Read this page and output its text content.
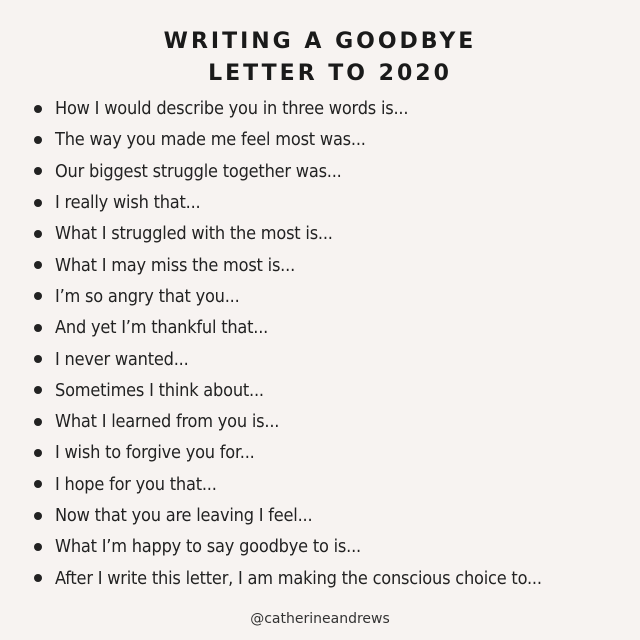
WRITING A GOODBYE
LETTER TO 2020
How I would describe you in three words is...
The way you made me feel most was...
Our biggest struggle together was...
I really wish that...
What I struggled with the most is...
What I may miss the most is...
I’m so angry that you...
And yet I’m thankful that...
I never wanted...
Sometimes I think about...
What I learned from you is...
I wish to forgive you for...
I hope for you that...
Now that you are leaving I feel...
What I’m happy to say goodbye to is...
After I write this letter, I am making the conscious choice to...
@catherineandrews
